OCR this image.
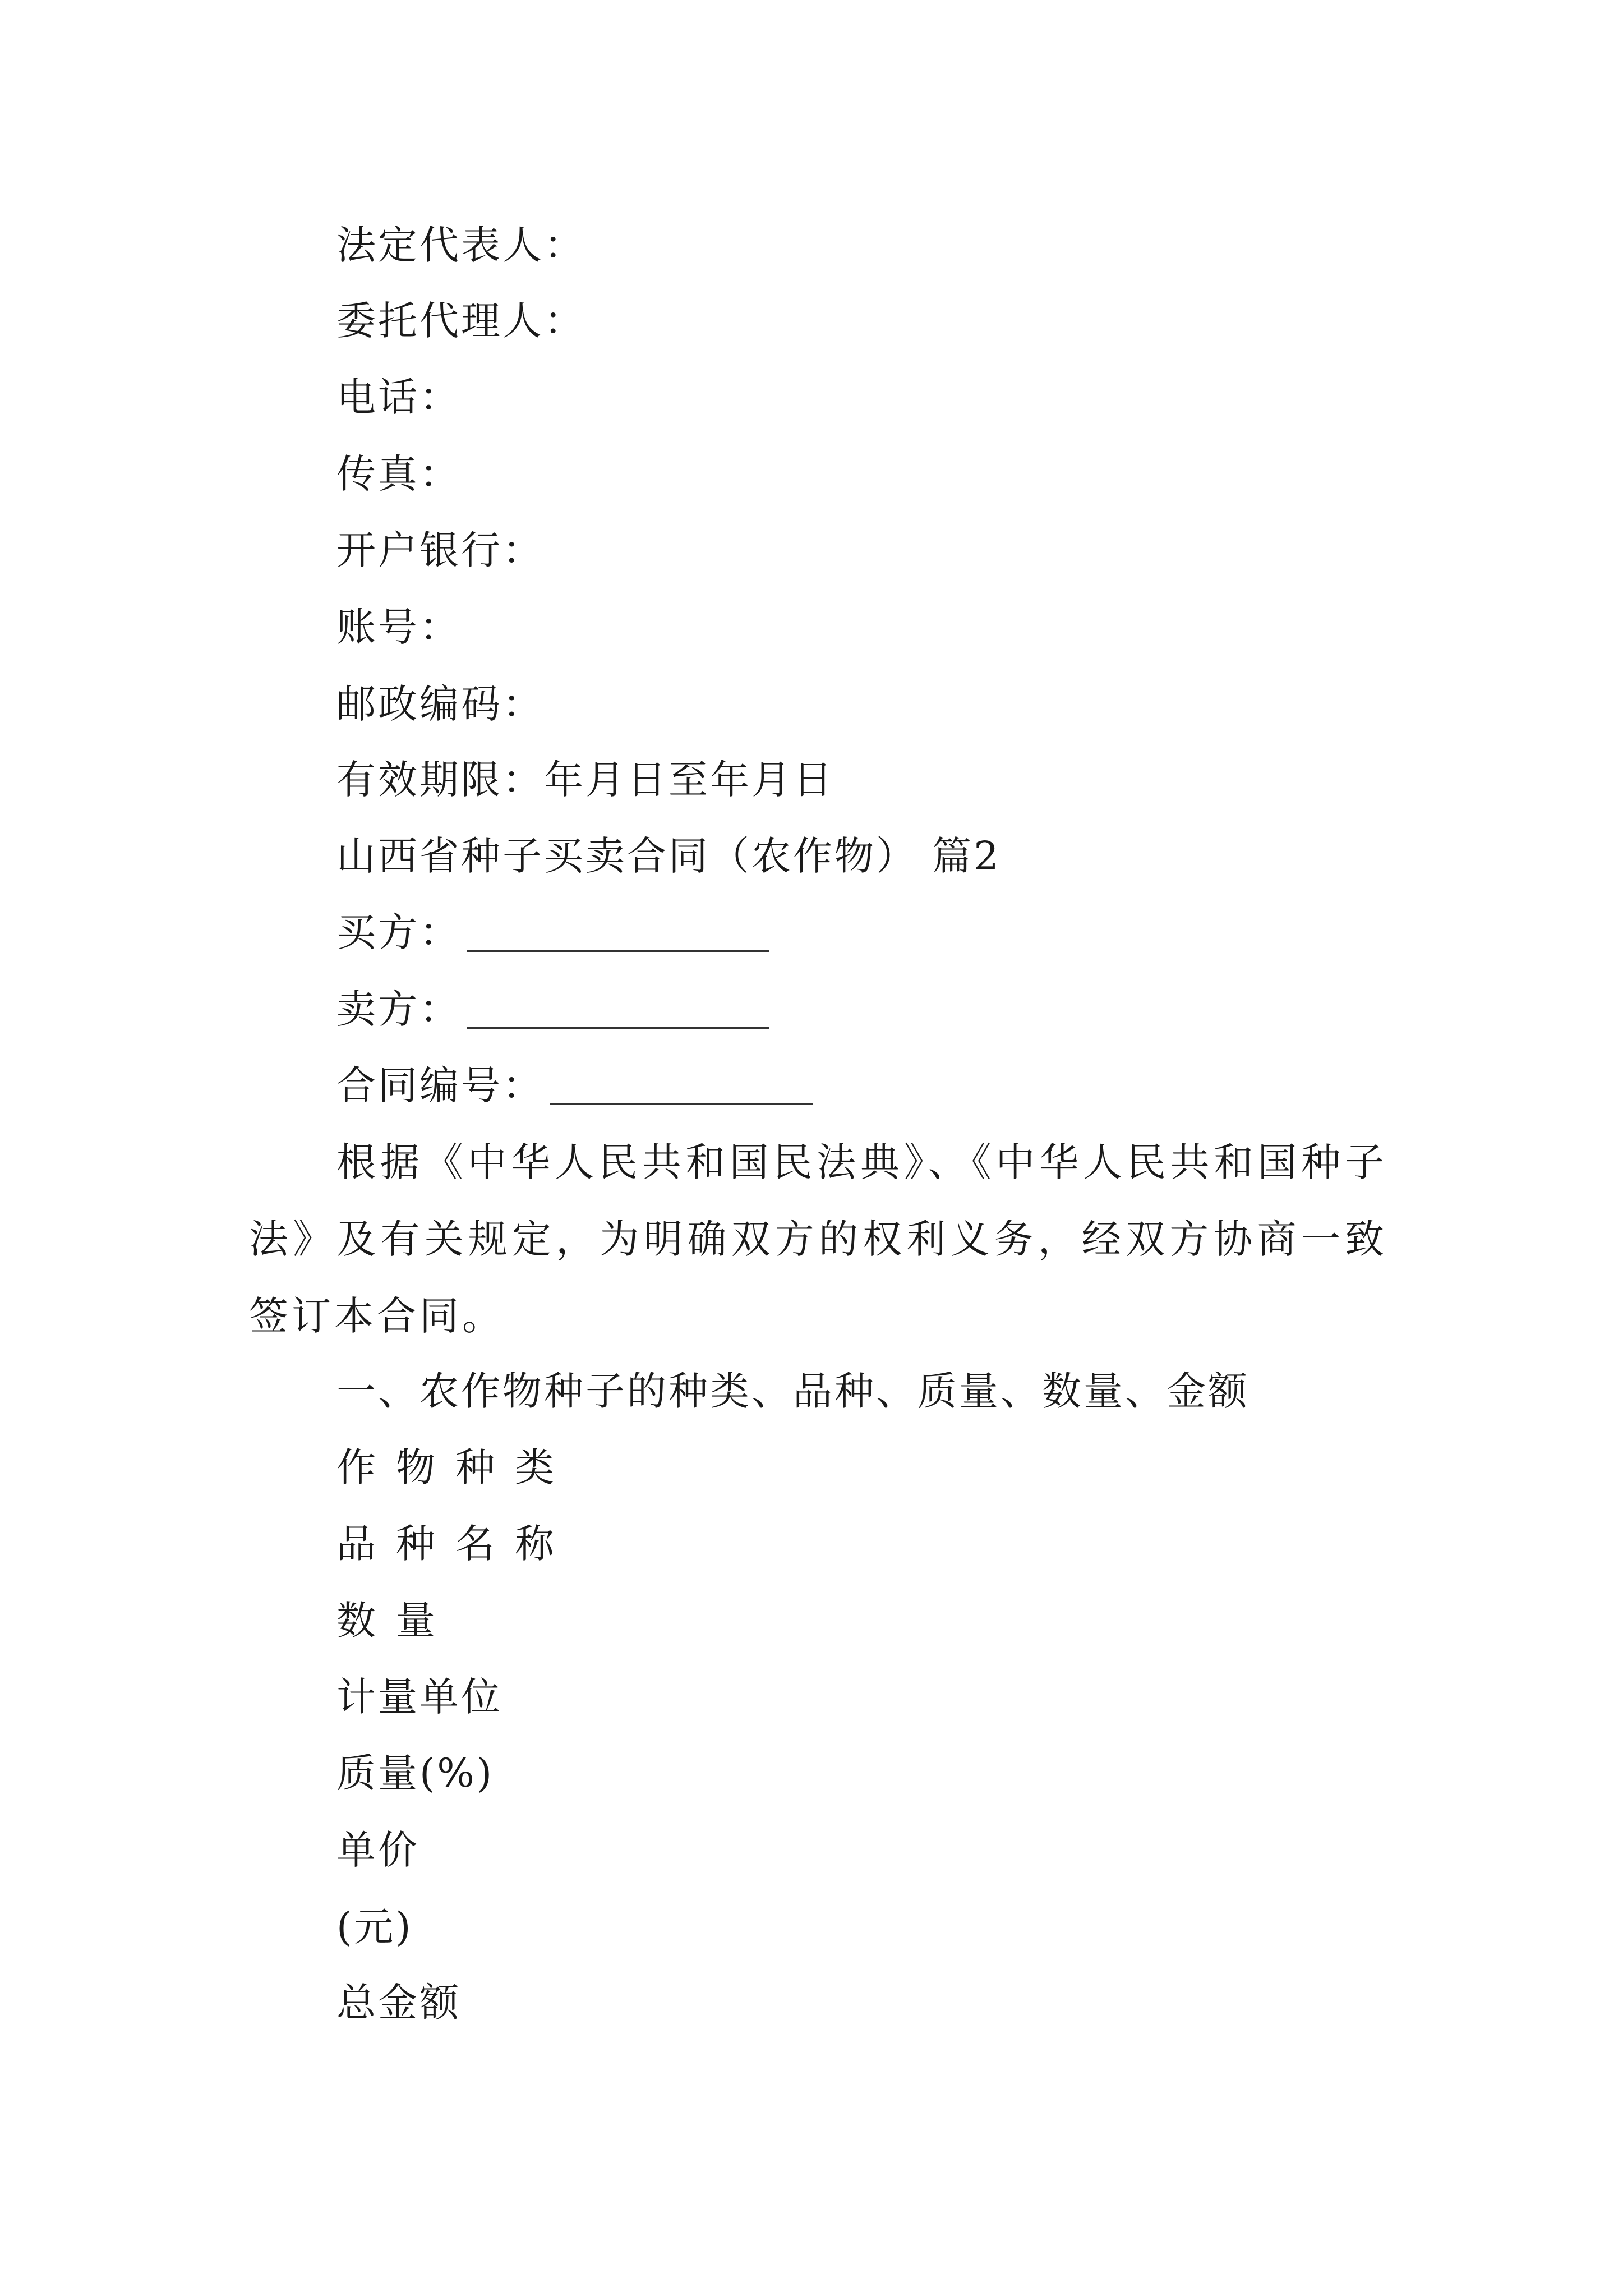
法定代表人：
委托代理人：
电话：
传真：
开户银行：
账号：
邮政编码：
有效期限：年月日至年月日
山西省种子买卖合同（农作物） 篇2
买方：
卖方：
合同编号：
根据《中华人民共和国民法典》、《中华人民共和国种子法》及有关规定，为明确双方的权利义务，经双方协商一致签订本合同。
一、农作物种子的种类、品种、质量、数量、金额
作物种类
品种名称
数量
计量单位
质量(%)
单价
(元)
总金额
